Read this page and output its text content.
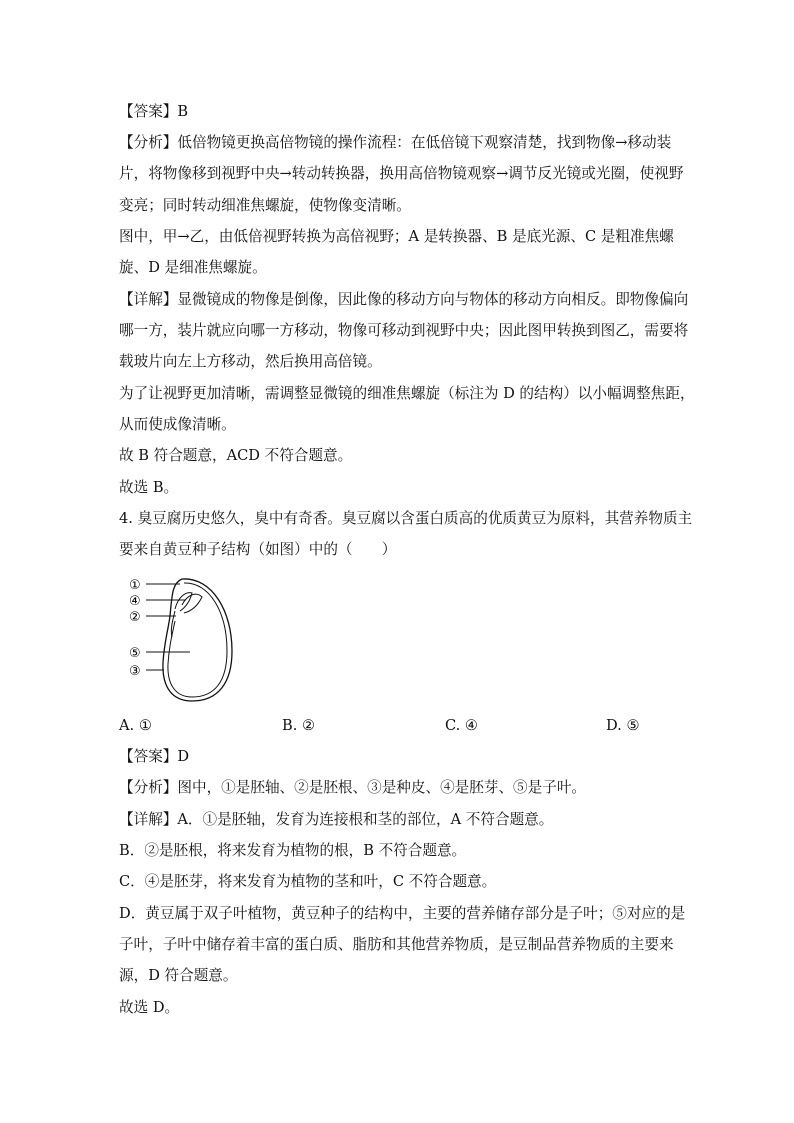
【答案】B
【分析】低倍物镜更换高倍物镜的操作流程：在低倍镜下观察清楚，找到物像→移动装
片，将物像移到视野中央→转动转换器，换用高倍物镜观察→调节反光镜或光圈，使视野
变亮；同时转动细准焦螺旋，使物像变清晰。
图中，甲→乙，由低倍视野转换为高倍视野；A 是转换器、B 是底光源、C 是粗准焦螺
旋、D 是细准焦螺旋。
【详解】显微镜成的物像是倒像，因此像的移动方向与物体的移动方向相反。即物像偏向
哪一方，装片就应向哪一方移动，物像可移动到视野中央；因此图甲转换到图乙，需要将
载玻片向左上方移动，然后换用高倍镜。
为了让视野更加清晰，需调整显微镜的细准焦螺旋（标注为 D 的结构）以小幅调整焦距，
从而使成像清晰。
故 B 符合题意，ACD 不符合题意。
故选 B。
4. 臭豆腐历史悠久，臭中有奇香。臭豆腐以含蛋白质高的优质黄豆为原料，其营养物质主
要来自黄豆种子结构（如图）中的（　　）
①
④
②
⑤
③
A. ①	B. ②	C. ④	D. ⑤
【答案】D
【分析】图中，①是胚轴、②是胚根、③是种皮、④是胚芽、⑤是子叶。
【详解】A．①是胚轴，发育为连接根和茎的部位，A 不符合题意。
B．②是胚根，将来发育为植物的根，B 不符合题意。
C．④是胚芽，将来发育为植物的茎和叶，C 不符合题意。
D．黄豆属于双子叶植物，黄豆种子的结构中，主要的营养储存部分是子叶；⑤对应的是
子叶，子叶中储存着丰富的蛋白质、脂肪和其他营养物质，是豆制品营养物质的主要来
源，D 符合题意。
故选 D。
